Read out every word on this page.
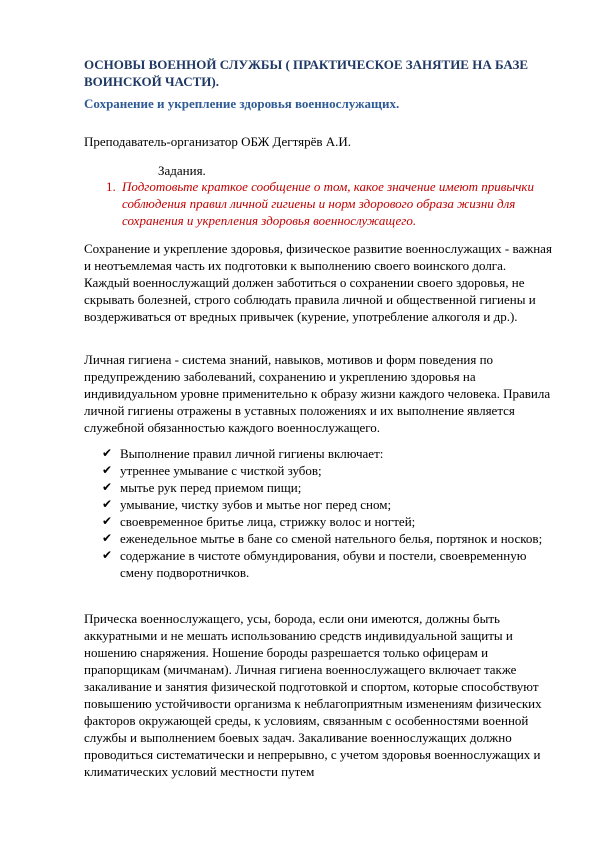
ОСНОВЫ ВОЕННОЙ СЛУЖБЫ ( ПРАКТИЧЕСКОЕ ЗАНЯТИЕ НА БАЗЕ ВОИНСКОЙ ЧАСТИ).
Сохранение и укрепление здоровья военнослужащих.

Преподаватель-организатор ОБЖ Дегтярёв А.И.

Задания.

1. Подготовьте краткое сообщение о том, какое значение имеют привычки соблюдения правил личной гигиены и норм здорового образа жизни для сохранения и укрепления здоровья военнослужащего.

Сохранение и укрепление здоровья, физическое развитие военнослужащих - важная и неотъемлемая часть их подготовки к выполнению своего воинского долга. Каждый военнослужащий должен заботиться о сохранении своего здоровья, не скрывать болезней, строго соблюдать правила личной и общественной гигиены и воздерживаться от вредных привычек (курение, употребление алкоголя и др.).

Личная гигиена - система знаний, навыков, мотивов и форм поведения по предупреждению заболеваний, сохранению и укреплению здоровья на индивидуальном уровне применительно к образу жизни каждого человека. Правила личной гигиены отражены в уставных положениях и их выполнение является служебной обязанностью каждого военнослужащего.

✔ Выполнение правил личной гигиены включает:
✔ утреннее умывание с чисткой зубов;
✔ мытье рук перед приемом пищи;
✔ умывание, чистку зубов и мытье ног перед сном;
✔ своевременное бритье лица, стрижку волос и ногтей;
✔ еженедельное мытье в бане со сменой нательного белья, портянок и носков;
✔ содержание в чистоте обмундирования, обуви и постели, своевременную смену подворотничков.

Прическа военнослужащего, усы, борода, если они имеются, должны быть аккуратными и не мешать использованию средств индивидуальной защиты и ношению снаряжения. Ношение бороды разрешается только офицерам и прапорщикам (мичманам). Личная гигиена военнослужащего включает также закаливание и занятия физической подготовкой и спортом, которые способствуют повышению устойчивости организма к неблагоприятным изменениям физических факторов окружающей среды, к условиям, связанным с особенностями военной службы и выполнением боевых задач. Закаливание военнослужащих должно проводиться систематически и непрерывно, с учетом здоровья военнослужащих и климатических условий местности путем
